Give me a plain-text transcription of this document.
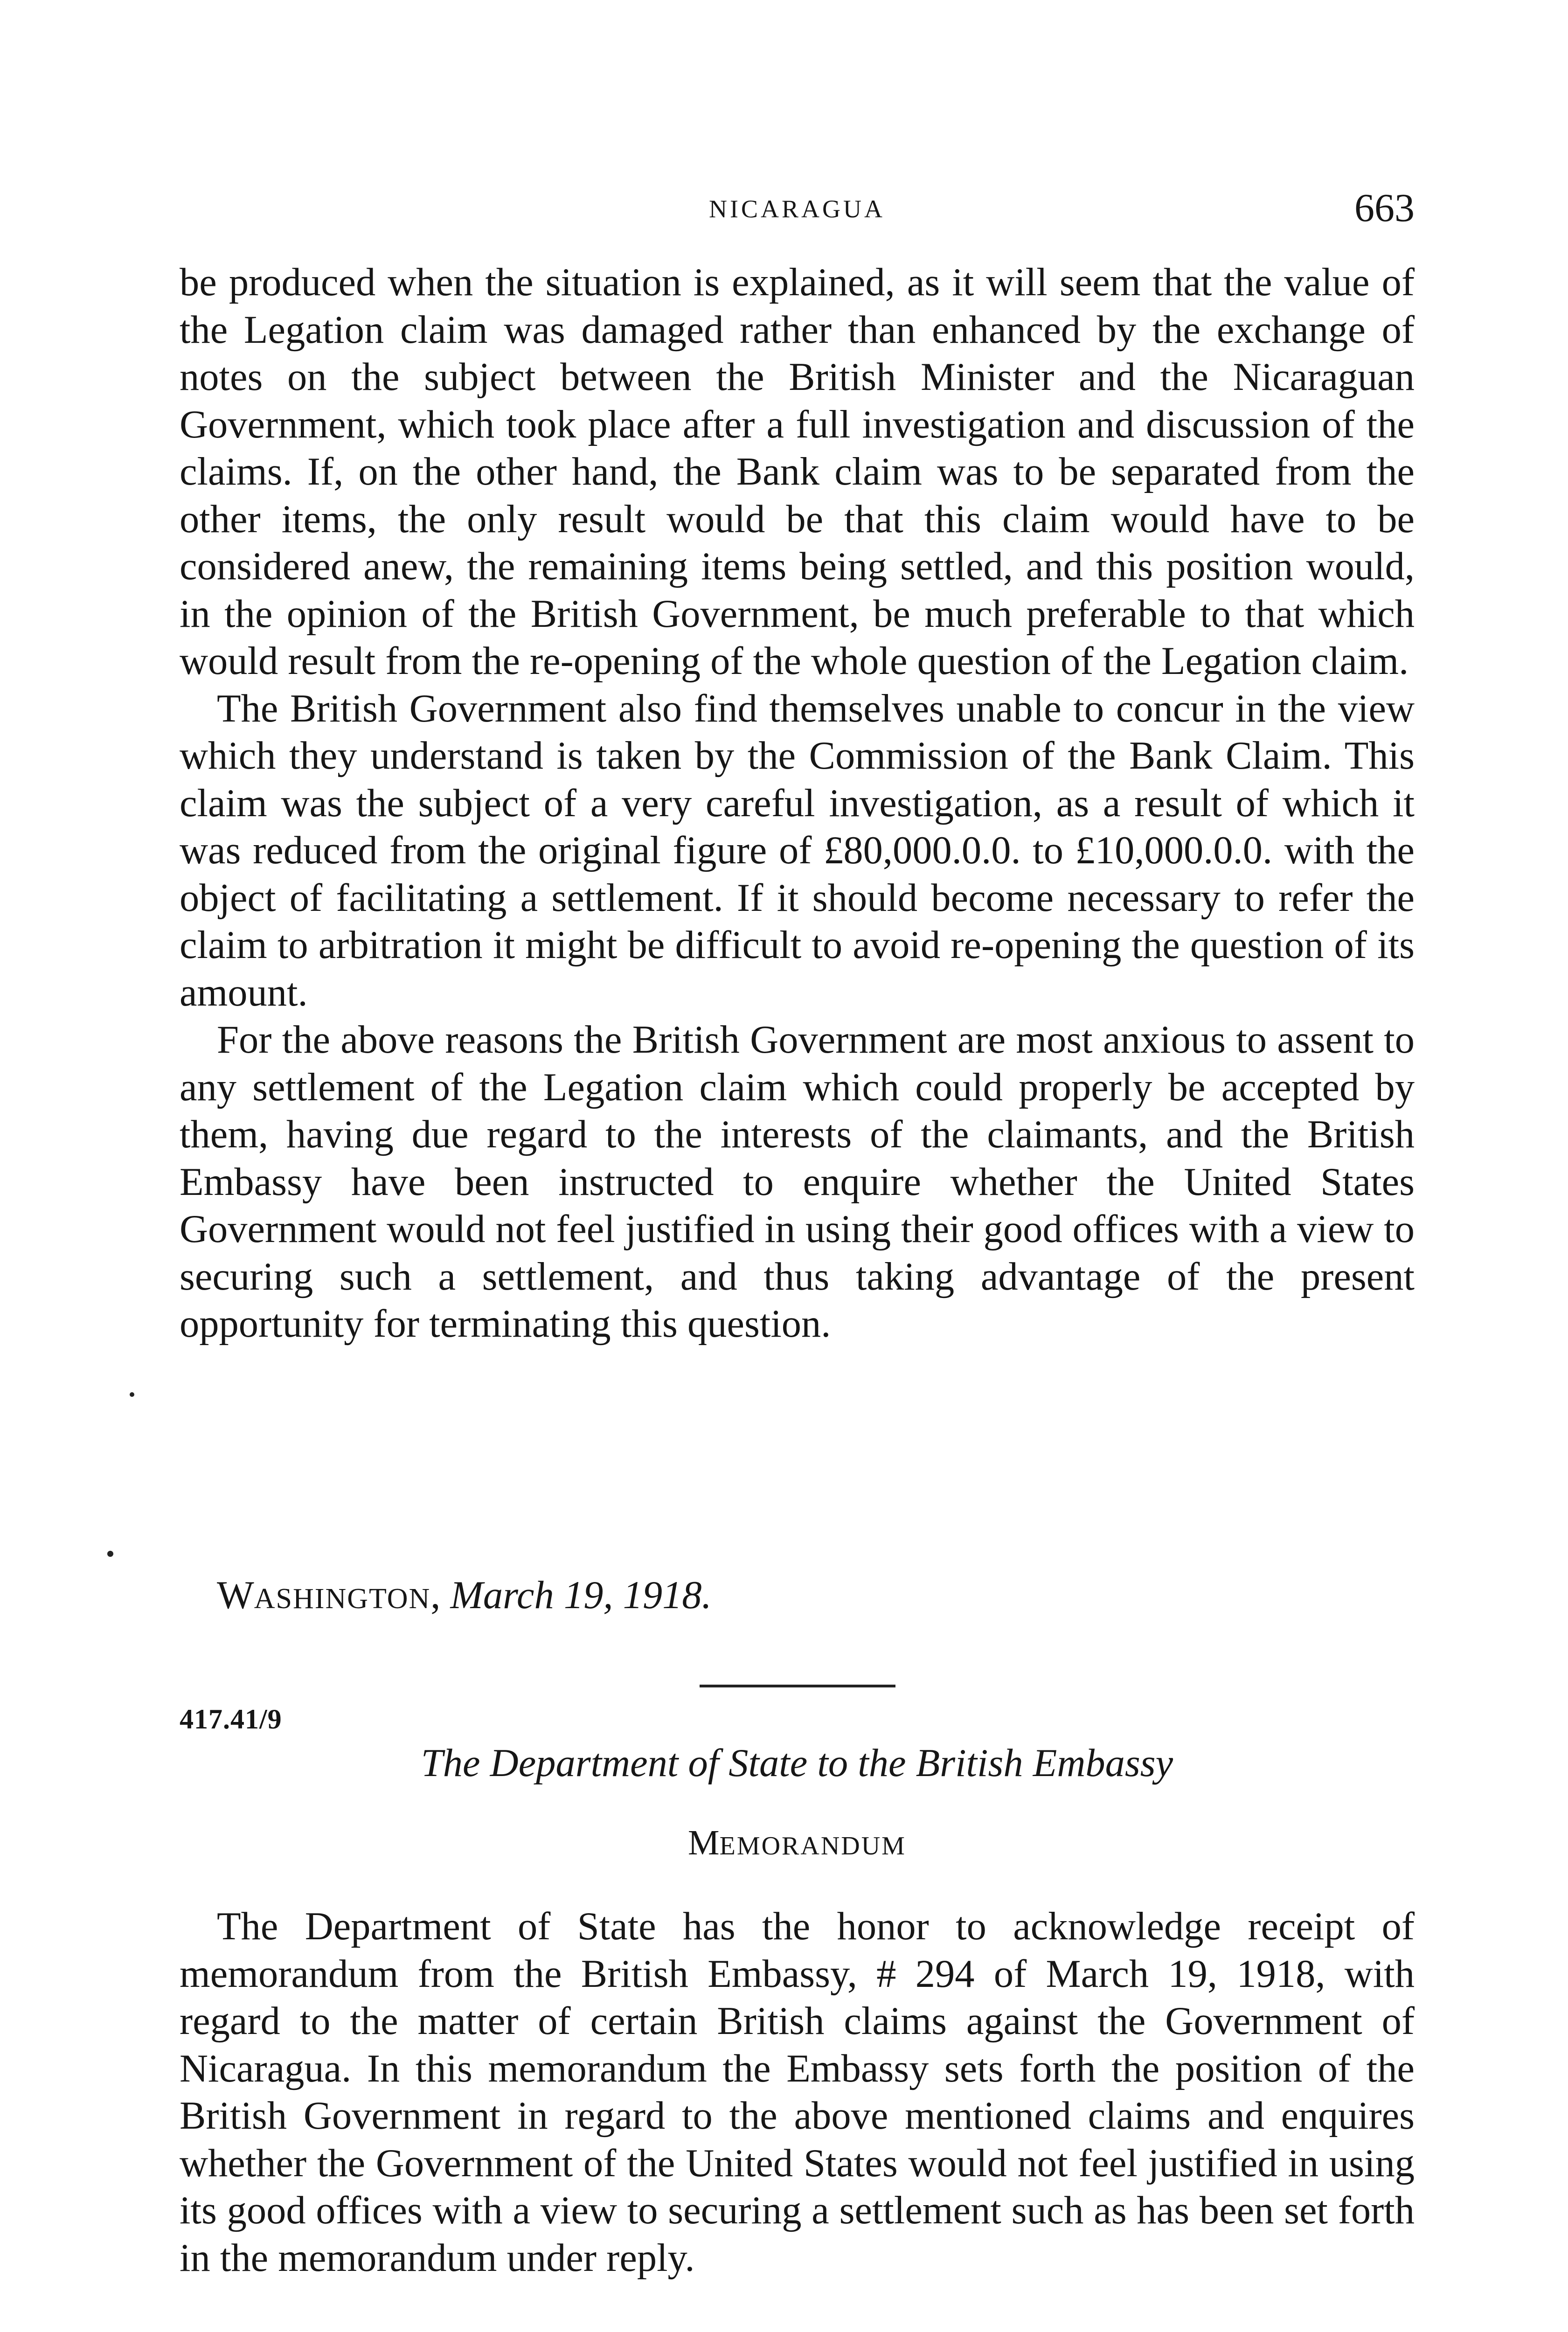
NICARAGUA	663

be produced when the situation is explained, as it will seem that the value of the Legation claim was damaged rather than enhanced by the exchange of notes on the subject between the British Minister and the Nicaraguan Government, which took place after a full investigation and discussion of the claims. If, on the other hand, the Bank claim was to be separated from the other items, the only result would be that this claim would have to be considered anew, the remaining items being settled, and this position would, in the opinion of the British Government, be much preferable to that which would result from the re-opening of the whole question of the Legation claim.

The British Government also find themselves unable to concur in the view which they understand is taken by the Commission of the Bank Claim. This claim was the subject of a very careful investigation, as a result of which it was reduced from the original figure of £80,000.0.0. to £10,000.0.0. with the object of facilitating a settlement. If it should become necessary to refer the claim to arbitration it might be difficult to avoid re-opening the question of its amount.

For the above reasons the British Government are most anxious to assent to any settlement of the Legation claim which could properly be accepted by them, having due regard to the interests of the claimants, and the British Embassy have been instructed to enquire whether the United States Government would not feel justified in using their good offices with a view to securing such a settlement, and thus taking advantage of the present opportunity for terminating this question.

WASHINGTON, March 19, 1918.
417.41/9
The Department of State to the British Embassy
MEMORANDUM

The Department of State has the honor to acknowledge receipt of memorandum from the British Embassy, # 294 of March 19, 1918, with regard to the matter of certain British claims against the Government of Nicaragua. In this memorandum the Embassy sets forth the position of the British Government in regard to the above mentioned claims and enquires whether the Government of the United States would not feel justified in using its good offices with a view to securing a settlement such as has been set forth in the memorandum under reply.
